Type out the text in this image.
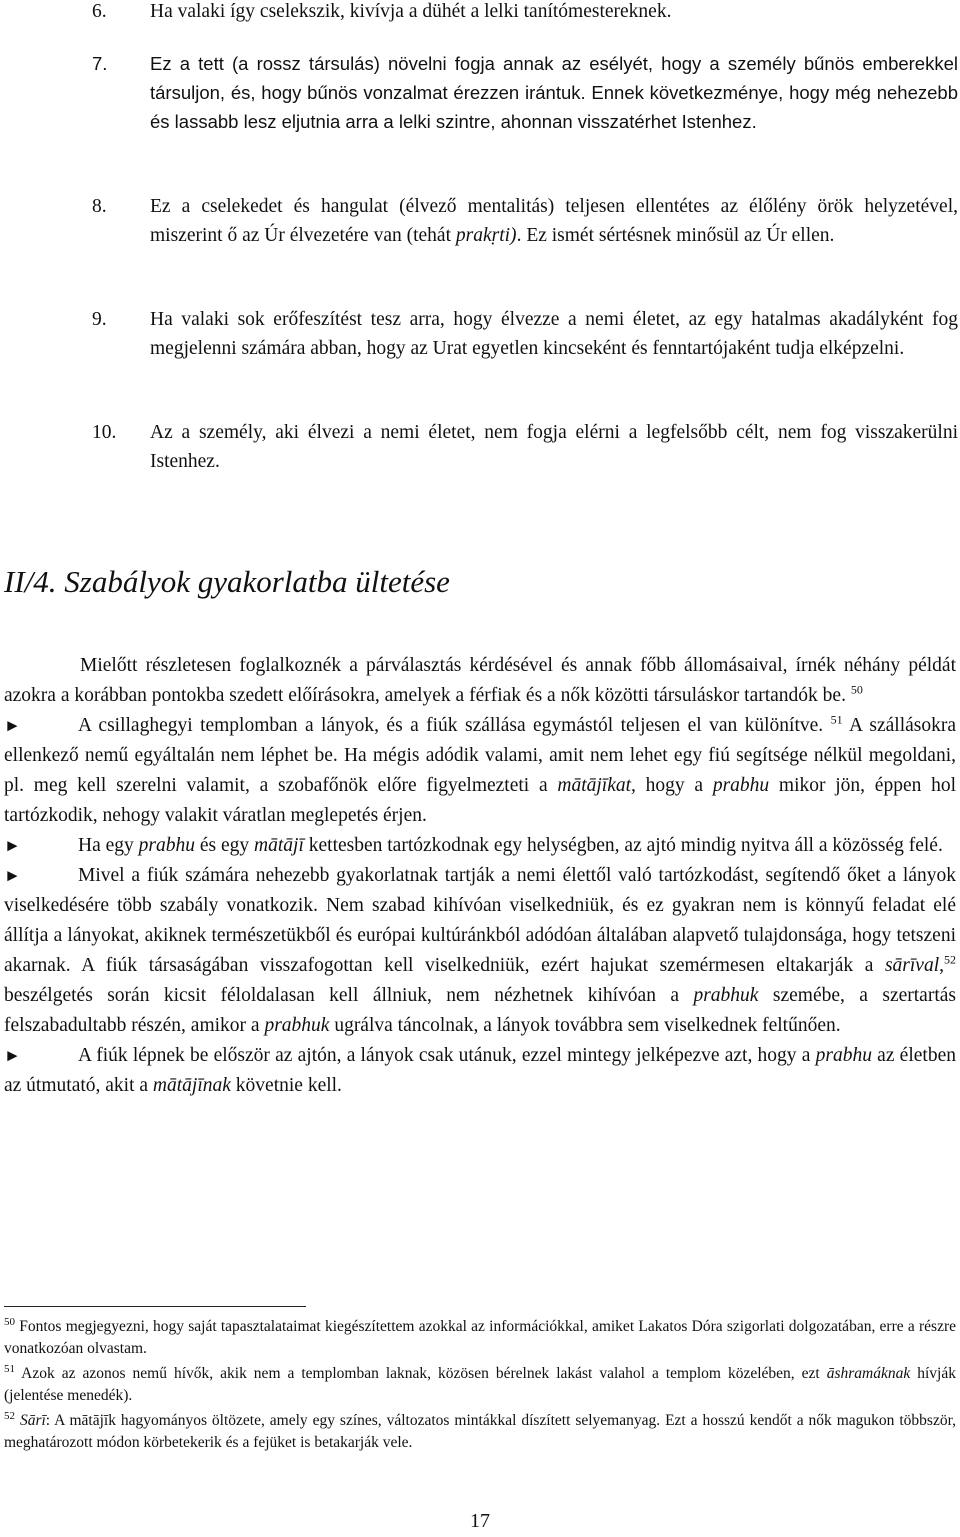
6.	Ha valaki így cselekszik, kivívja a dühét a lelki tanítómestereknek.
7.	Ez a tett (a rossz társulás) növelni fogja annak az esélyét, hogy a személy bűnös emberekkel társuljon, és, hogy bűnös vonzalmat érezzen irántuk. Ennek következménye, hogy még nehezebb és lassabb lesz eljutnia arra a lelki szintre, ahonnan visszatérhet Istenhez.
8.	Ez a cselekedet és hangulat (élvező mentalitás) teljesen ellentétes az élőlény örök helyzetével, miszerint ő az Úr élvezetére van (tehát prakṛti). Ez ismét sértésnek minősül az Úr ellen.
9.	Ha valaki sok erőfeszítést tesz arra, hogy élvezze a nemi életet, az egy hatalmas akadályként fog megjelenni számára abban, hogy az Urat egyetlen kincseként és fenntartójaként tudja elképzelni.
10.	Az a személy, aki élvezi a nemi életet, nem fogja elérni a legfelsőbb célt, nem fog visszakerülni Istenhez.
II/4. Szabályok gyakorlatba ültetése

Mielőtt részletesen foglalkoznék a párválasztás kérdésével és annak főbb állomásaival, írnék néhány példát azokra a korábban pontokba szedett előírásokra, amelyek a férfiak és a nők közötti társuláskor tartandók be. $^{50}$

►	A csillaghegyi templomban a lányok, és a fiúk szállása egymástól teljesen el van különítve. $^{51}$ A szállásokra ellenkező nemű egyáltalán nem léphet be. Ha mégis adódik valami, amit nem lehet egy fiú segítsége nélkül megoldani, pl. meg kell szerelni valamit, a szobafőnök előre figyelmezteti a mātājīkat, hogy a prabhu mikor jön, éppen hol tartózkodik, nehogy valakit váratlan meglepetés érjen.

►	Ha egy prabhu és egy mātājī kettesben tartózkodnak egy helységben, az ajtó mindig nyitva áll a közösség felé.

►	Mivel a fiúk számára nehezebb gyakorlatnak tartják a nemi élettől való tartózkodást, segítendő őket a lányok viselkedésére több szabály vonatkozik. Nem szabad kihívóan viselkedniük, és ez gyakran nem is könnyű feladat elé állítja a lányokat, akiknek természetükből és európai kultúránkból adódóan általában alapvető tulajdonsága, hogy tetszeni akarnak. A fiúk társaságában visszafogottan kell viselkedniük, ezért hajukat szemérmesen eltakarják a sārīval,$^{52}$ beszélgetés során kicsit féloldalasan kell állniuk, nem nézhetnek kihívóan a prabhuk szemébe, a szertartás felszabadultabb részén, amikor a prabhuk ugrálva táncolnak, a lányok továbbra sem viselkednek feltűnően.

►	A fiúk lépnek be először az ajtón, a lányok csak utánuk, ezzel mintegy jelképezve azt, hogy a prabhu az életben az útmutató, akit a mātājīnak követnie kell.

$^{50}$ Fontos megjegyezni, hogy saját tapasztalataimat kiegészítettem azokkal az információkkal, amiket Lakatos Dóra szigorlati dolgozatában, erre a részre vonatkozóan olvastam.

$^{51}$ Azok az azonos nemű hívők, akik nem a templomban laknak, közösen bérelnek lakást valahol a templom közelében, ezt āshramáknak hívják (jelentése menedék).

$^{52}$ Sārī: A mātājīk hagyományos öltözete, amely egy színes, változatos mintákkal díszített selyemanyag. Ezt a hosszú kendőt a nők magukon többször, meghatározott módon körbetekerik és a fejüket is betakarják vele.

17
